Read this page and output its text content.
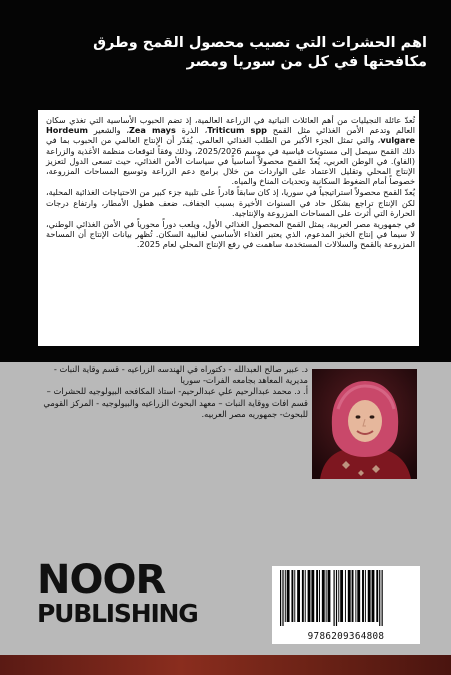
اهم الحشرات التي تصيب محصول القمح وطرق مكافحتها في كل من سوريا ومصر

تُعدّ عائلة النجيليات من أهم العائلات النباتية في الزراعة العالمية، إذ تضم الحبوب الأساسية التي تغذي سكان العالم وتدعم الأمن الغذائي مثل القمح Triticum spp، الذرة Zea mays، والشعير Hordeum vulgare، والتي تمثل الجزء الأكبر من الطلب الغذائي العالمي. يُقدّر أن الإنتاج العالمي من الحبوب بما في ذلك القمح سيصل إلى مستويات قياسية في موسم 2025/2026، وذلك وفقاً لتوقعات منظمة الأغذية والزراعة (الفاو). في الوطن العربي، يُعدّ القمح محصولاً أساسياً في سياسات الأمن الغذائي، حيث تسعى الدول لتعزيز الإنتاج المحلي وتقليل الاعتماد على الواردات من خلال برامج دعم الزراعة وتوسيع المساحات المزروعة، خصوصاً أمام الضغوط السكانية وتحديات المناخ والمياه.

يُعدّ القمح محصولاً استراتيجياً في سوريا، إذ كان سابقاً قادراً على تلبية جزء كبير من الاحتياجات الغذائية المحلية، لكن الإنتاج تراجع بشكل حاد في السنوات الأخيرة بسبب الجفاف، ضعف هطول الأمطار، وارتفاع درجات الحرارة التي أثرت على المساحات المزروعة والإنتاجية.

في جمهورية مصر العربية، يمثل القمح المحصول الغذائي الأول، ويلعب دوراً محورياً في الأمن الغذائي الوطني، لا سيما في إنتاج الخبز المدعوم، الذي يعتبر الغذاء الأساسي لغالبية السكان. تُظهر بيانات الإنتاج أن المساحة المزروعة بالقمح والسلالات المستخدمة ساهمت في رفع الإنتاج المحلي لعام 2025.

د. عبير صالح العبدالله - دكتوراه في الهندسه الزراعيه - قسم وقاية النبات - مديرية المعاهد بجامعه الفرات- سوريا

أ. د. محمد عبدالرحيم علي عبدالرحيم- استاذ المكافحه البيولوجيه للحشرات – قسم افات ووقاية النبات – معهد البحوث الزراعيه والبيولوجيه - المركز القومي للبحوث- جمهوريه مصر العربيه.

NOOR
PUBLISHING
9786209364808
